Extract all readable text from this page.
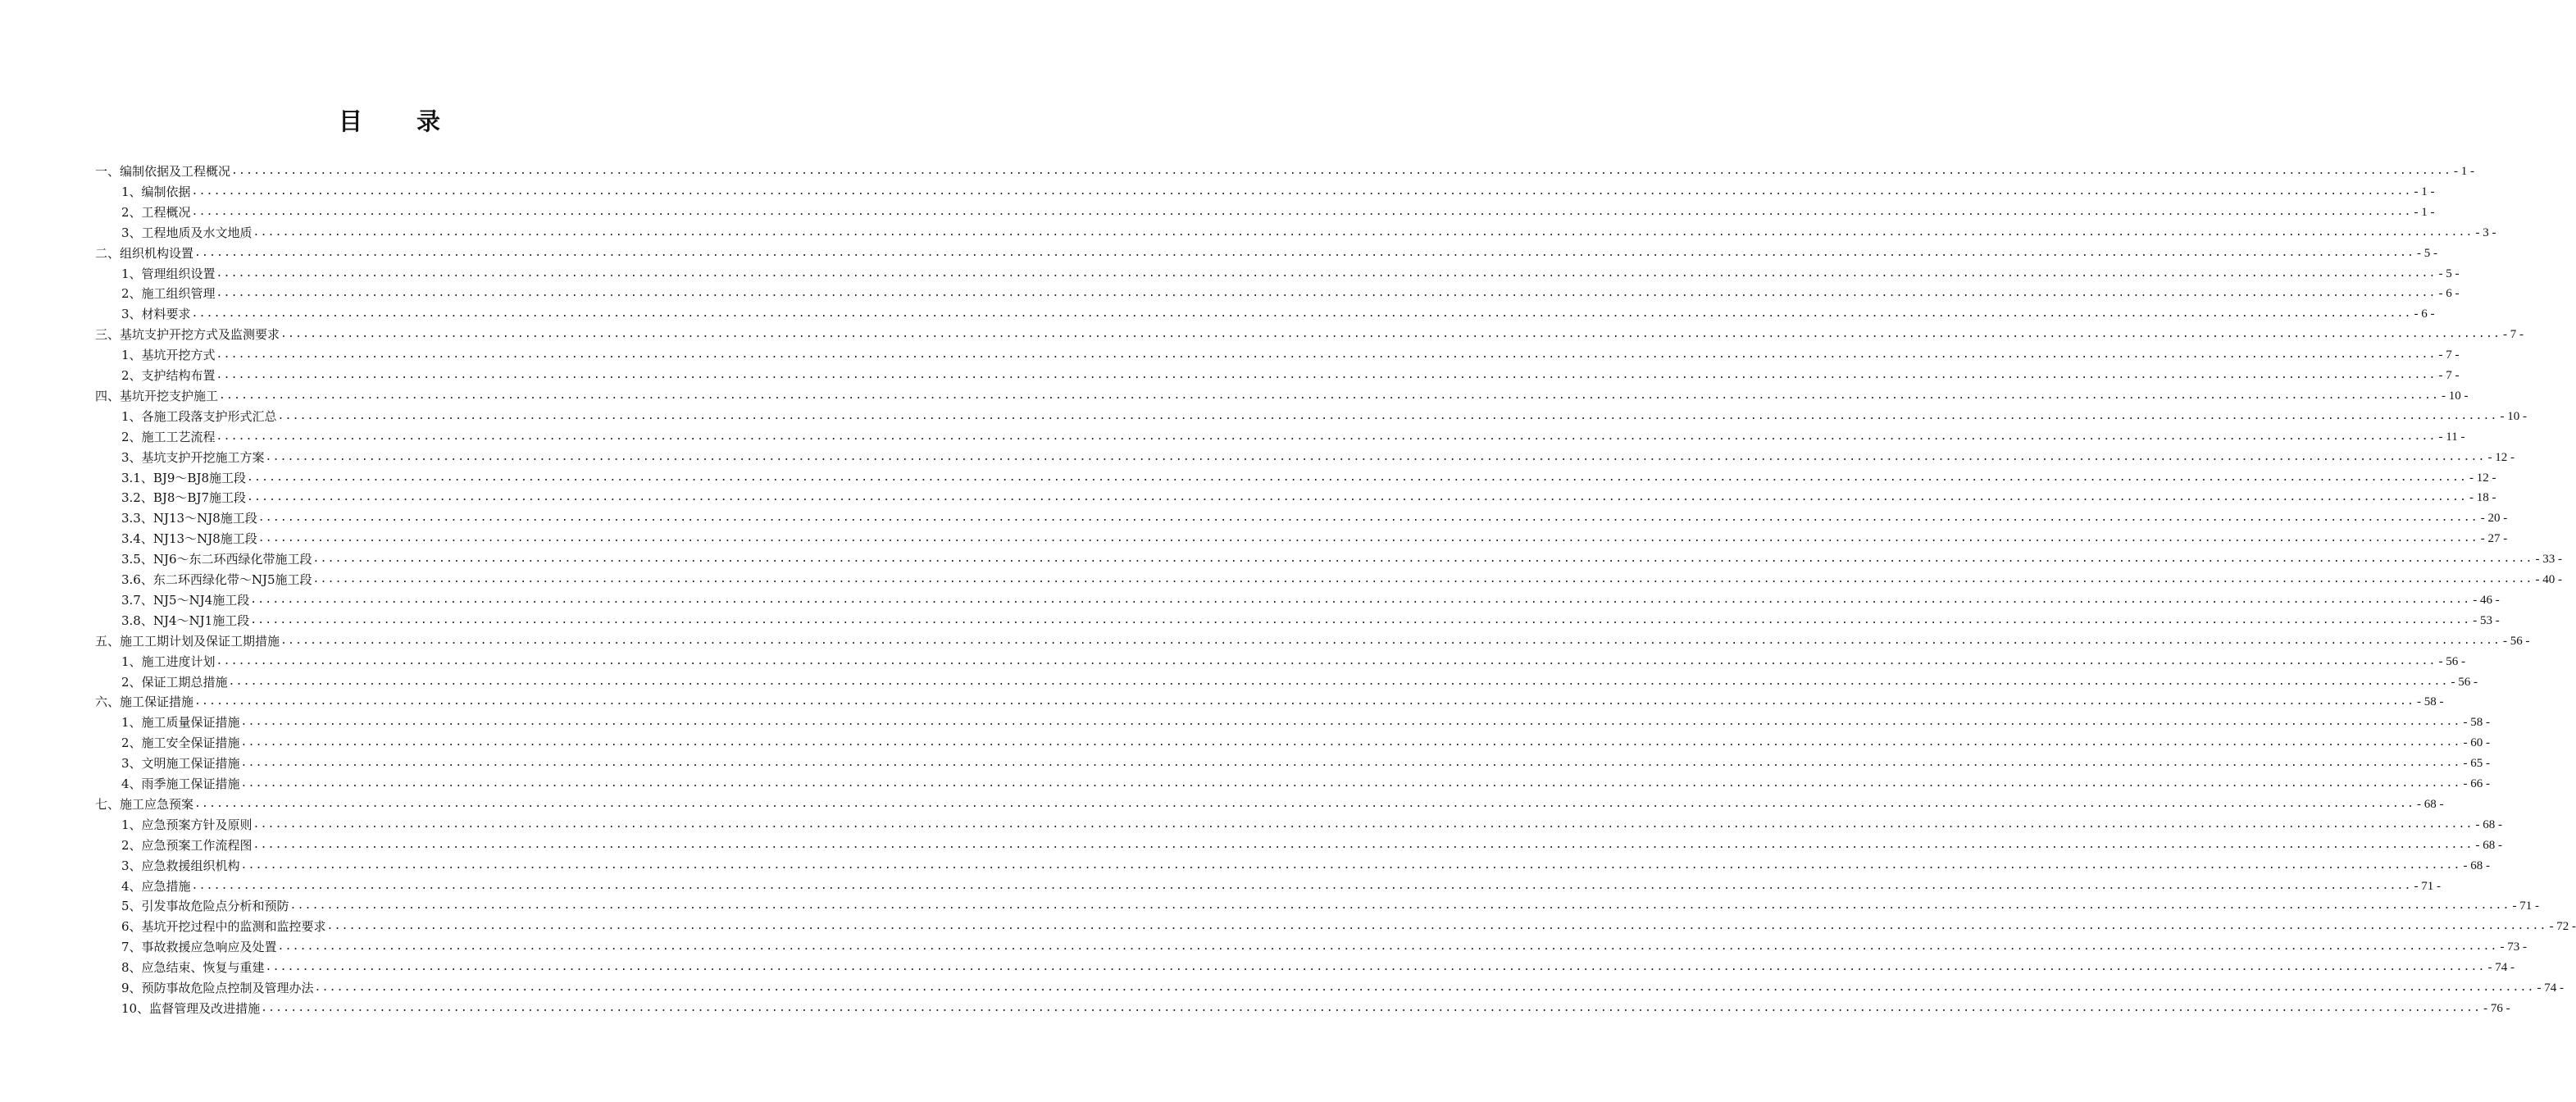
目 录
一、编制依据及工程概况 ............................................................................................................................................................................................................................................................................................................ - 1 -
1、编制依据 ............................................................................................................................................................................................................................................................................................................ - 1 -
2、工程概况 ............................................................................................................................................................................................................................................................................................................ - 1 -
3、工程地质及水文地质 ............................................................................................................................................................................................................................................................................................................ - 3 -
二、组织机构设置 ............................................................................................................................................................................................................................................................................................................ - 5 -
1、管理组织设置 ............................................................................................................................................................................................................................................................................................................ - 5 -
2、施工组织管理 ............................................................................................................................................................................................................................................................................................................ - 6 -
3、材料要求 ............................................................................................................................................................................................................................................................................................................ - 6 -
三、基坑支护开挖方式及监测要求 ............................................................................................................................................................................................................................................................................................................ - 7 -
1、基坑开挖方式 ............................................................................................................................................................................................................................................................................................................ - 7 -
2、支护结构布置 ............................................................................................................................................................................................................................................................................................................ - 7 -
四、基坑开挖支护施工 ............................................................................................................................................................................................................................................................................................................ - 10 -
1、各施工段落支护形式汇总 ............................................................................................................................................................................................................................................................................................................ - 10 -
2、施工工艺流程 ............................................................................................................................................................................................................................................................................................................ - 11 -
3、基坑支护开挖施工方案 ............................................................................................................................................................................................................................................................................................................ - 12 -
3.1、BJ9～BJ8施工段 ............................................................................................................................................................................................................................................................................................................ - 12 -
3.2、BJ8～BJ7施工段 ............................................................................................................................................................................................................................................................................................................ - 18 -
3.3、NJ13～NJ8施工段 ............................................................................................................................................................................................................................................................................................................ - 20 -
3.4、NJ13～NJ8施工段 ............................................................................................................................................................................................................................................................................................................ - 27 -
3.5、NJ6～东二环西绿化带施工段 ............................................................................................................................................................................................................................................................................................................ - 33 -
3.6、东二环西绿化带～NJ5施工段 ............................................................................................................................................................................................................................................................................................................ - 40 -
3.7、NJ5～NJ4施工段 ............................................................................................................................................................................................................................................................................................................ - 46 -
3.8、NJ4～NJ1施工段 ............................................................................................................................................................................................................................................................................................................ - 53 -
五、施工工期计划及保证工期措施 ............................................................................................................................................................................................................................................................................................................ - 56 -
1、施工进度计划 ............................................................................................................................................................................................................................................................................................................ - 56 -
2、保证工期总措施 ............................................................................................................................................................................................................................................................................................................ - 56 -
六、施工保证措施 ............................................................................................................................................................................................................................................................................................................ - 58 -
1、施工质量保证措施 ............................................................................................................................................................................................................................................................................................................ - 58 -
2、施工安全保证措施 ............................................................................................................................................................................................................................................................................................................ - 60 -
3、文明施工保证措施 ............................................................................................................................................................................................................................................................................................................ - 65 -
4、雨季施工保证措施 ............................................................................................................................................................................................................................................................................................................ - 66 -
七、施工应急预案 ............................................................................................................................................................................................................................................................................................................ - 68 -
1、应急预案方针及原则 ............................................................................................................................................................................................................................................................................................................ - 68 -
2、应急预案工作流程图 ............................................................................................................................................................................................................................................................................................................ - 68 -
3、应急救援组织机构 ............................................................................................................................................................................................................................................................................................................ - 68 -
4、应急措施 ............................................................................................................................................................................................................................................................................................................ - 71 -
5、引发事故危险点分析和预防 ............................................................................................................................................................................................................................................................................................................ - 71 -
6、基坑开挖过程中的监测和监控要求 ............................................................................................................................................................................................................................................................................................................ - 72 -
7、事故救援应急响应及处置 ............................................................................................................................................................................................................................................................................................................ - 73 -
8、应急结束、恢复与重建 ............................................................................................................................................................................................................................................................................................................ - 74 -
9、预防事故危险点控制及管理办法 ............................................................................................................................................................................................................................................................................................................ - 74 -
10、监督管理及改进措施 ............................................................................................................................................................................................................................................................................................................ - 76 -
